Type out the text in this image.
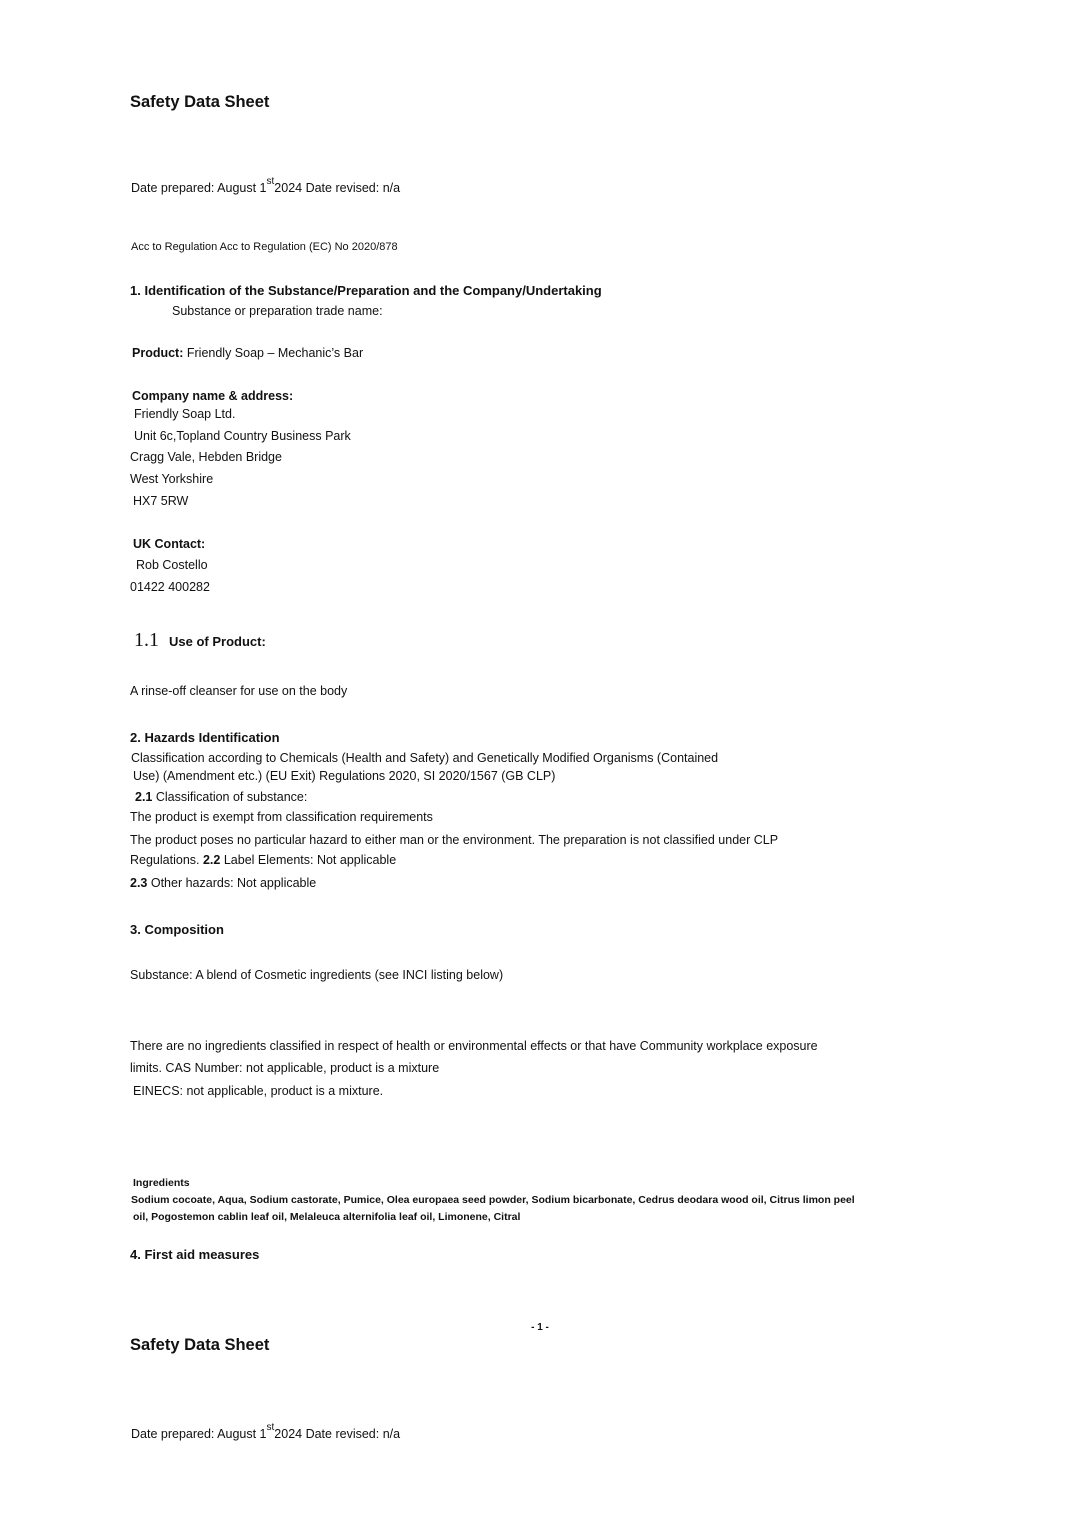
Safety Data Sheet
Date prepared: August 1st2024 Date revised: n/a
Acc to Regulation Acc to Regulation (EC) No 2020/878
1. Identification of the Substance/Preparation and the Company/Undertaking
Substance or preparation trade name:
Product: Friendly Soap – Mechanic’s Bar
Company name & address:
Friendly Soap Ltd.
Unit 6c,Topland Country Business Park
Cragg Vale, Hebden Bridge
West Yorkshire
HX7 5RW
UK Contact:
Rob Costello
01422 400282
1.1 Use of Product:
A rinse-off cleanser for use on the body
2. Hazards Identification
Classification according to Chemicals (Health and Safety) and Genetically Modified Organisms (Contained
Use) (Amendment etc.) (EU Exit) Regulations 2020, SI 2020/1567 (GB CLP)
2.1 Classification of substance:
The product is exempt from classification requirements
The product poses no particular hazard to either man or the environment. The preparation is not classified under CLP
Regulations. 2.2 Label Elements: Not applicable
2.3 Other hazards: Not applicable
3. Composition
Substance: A blend of Cosmetic ingredients (see INCI listing below)
There are no ingredients classified in respect of health or environmental effects or that have Community workplace exposure
limits. CAS Number: not applicable, product is a mixture
EINECS: not applicable, product is a mixture.
Ingredients
Sodium cocoate, Aqua, Sodium castorate, Pumice, Olea europaea seed powder, Sodium bicarbonate, Cedrus deodara wood oil, Citrus limon peel
oil, Pogostemon cablin leaf oil, Melaleuca alternifolia leaf oil, Limonene, Citral
4. First aid measures
- 1 -
Safety Data Sheet
Date prepared: August 1st2024 Date revised: n/a
